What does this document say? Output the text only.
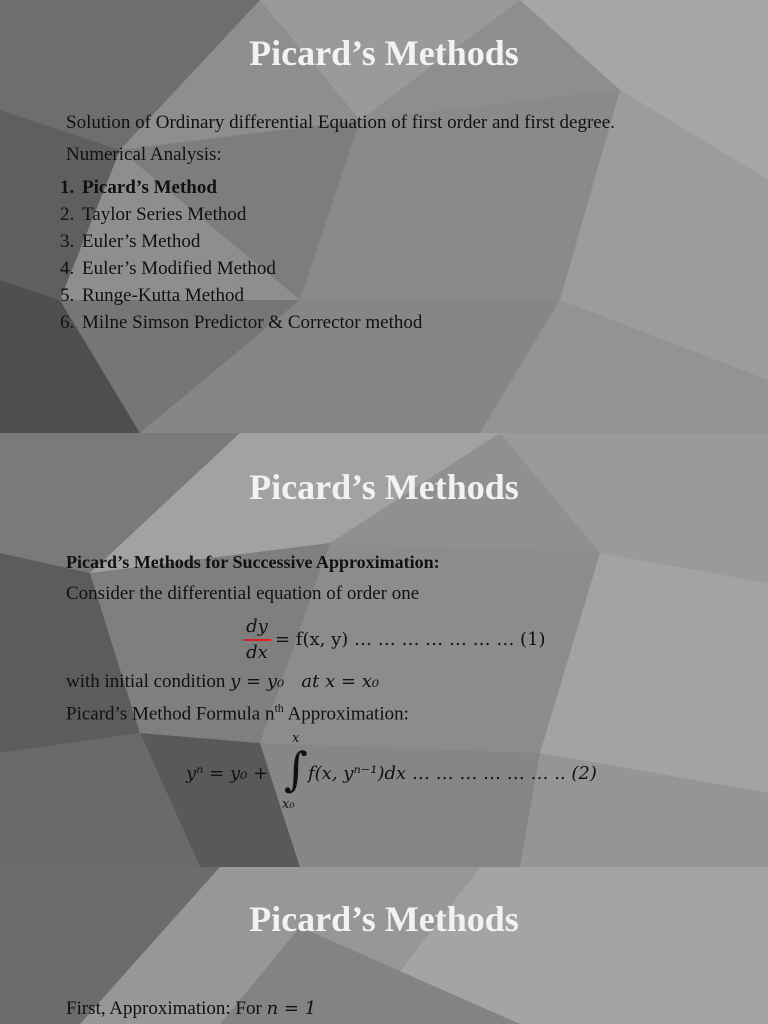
Picard’s Methods
Solution of Ordinary differential Equation of first order and first degree.
Numerical Analysis:
1. Picard’s Method
2. Taylor Series Method
3. Euler’s Method
4. Euler’s Modified Method
5. Runge-Kutta Method
6. Milne Simson Predictor & Corrector method
Picard’s Methods
Picard’s Methods for Successive Approximation:
Consider the differential equation of order one
dy
dx
= f(x, y) … … … … … … … (1)
with initial condition y = y₀   at x = x₀
Picard’s Method Formula $n^{th}$ Approximation:
yⁿ = y₀ +
x
∫
x₀
f(x, yⁿ⁻¹)dx … … … … … … .. (2)
Picard’s Methods
First, Approximation: For n = 1
